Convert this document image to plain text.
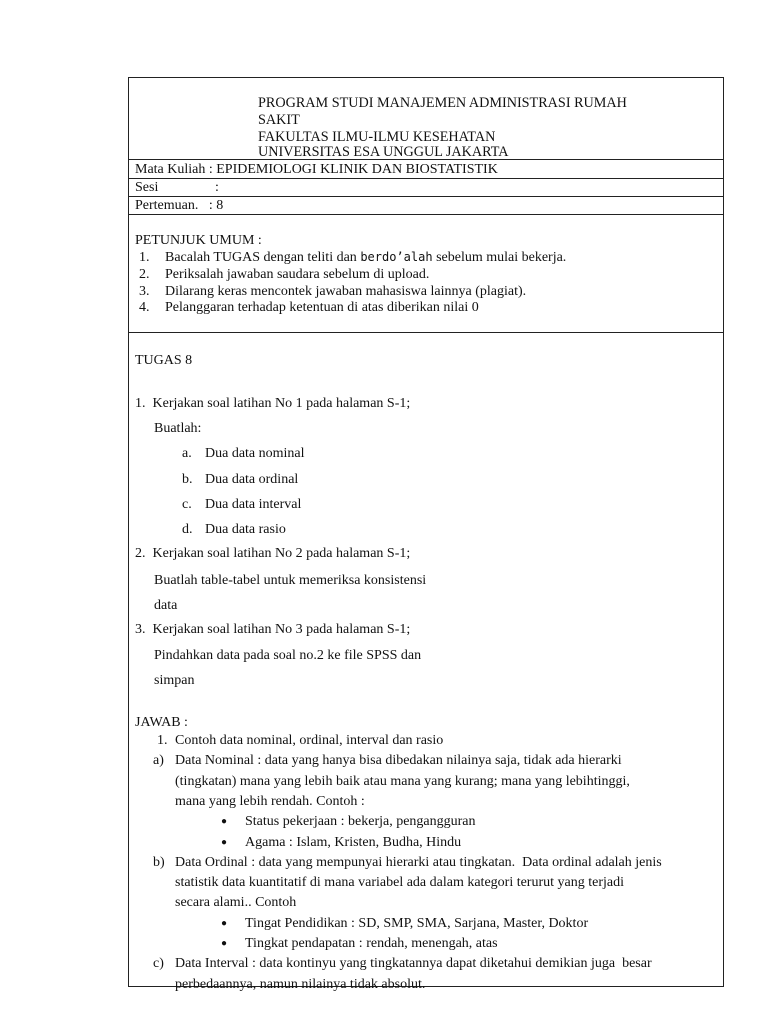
PROGRAM STUDI MANAJEMEN ADMINISTRASI RUMAH
SAKIT
FAKULTAS ILMU-ILMU KESEHATAN
UNIVERSITAS ESA UNGGUL JAKARTA
Mata Kuliah : EPIDEMIOLOGI KLINIK DAN BIOSTATISTIK
Sesi	:
Pertemuan.   : 8
PETUNJUK UMUM :
1. Bacalah TUGAS dengan teliti dan berdo’alah sebelum mulai bekerja.
2. Periksalah jawaban saudara sebelum di upload.
3. Dilarang keras mencontek jawaban mahasiswa lainnya (plagiat).
4. Pelanggaran terhadap ketentuan di atas diberikan nilai 0
TUGAS 8
1.  Kerjakan soal latihan No 1 pada halaman S-1;
Buatlah:
a. Dua data nominal
b. Dua data ordinal
c. Dua data interval
d. Dua data rasio
2.  Kerjakan soal latihan No 2 pada halaman S-1;
Buatlah table-tabel untuk memeriksa konsistensi
data
3.  Kerjakan soal latihan No 3 pada halaman S-1;
Pindahkan data pada soal no.2 ke file SPSS dan
simpan
JAWAB :
1. Contoh data nominal, ordinal, interval dan rasio
a) Data Nominal : data yang hanya bisa dibedakan nilainya saja, tidak ada hierarki
(tingkatan) mana yang lebih baik atau mana yang kurang; mana yang lebihtinggi,
mana yang lebih rendah. Contoh :
● Status pekerjaan : bekerja, pengangguran
● Agama : Islam, Kristen, Budha, Hindu
b) Data Ordinal : data yang mempunyai hierarki atau tingkatan.  Data ordinal adalah jenis
statistik data kuantitatif di mana variabel ada dalam kategori terurut yang terjadi
secara alami.. Contoh
● Tingat Pendidikan : SD, SMP, SMA, Sarjana, Master, Doktor
● Tingkat pendapatan : rendah, menengah, atas
c) Data Interval : data kontinyu yang tingkatannya dapat diketahui demikian juga  besar
perbedaannya, namun nilainya tidak absolut.
